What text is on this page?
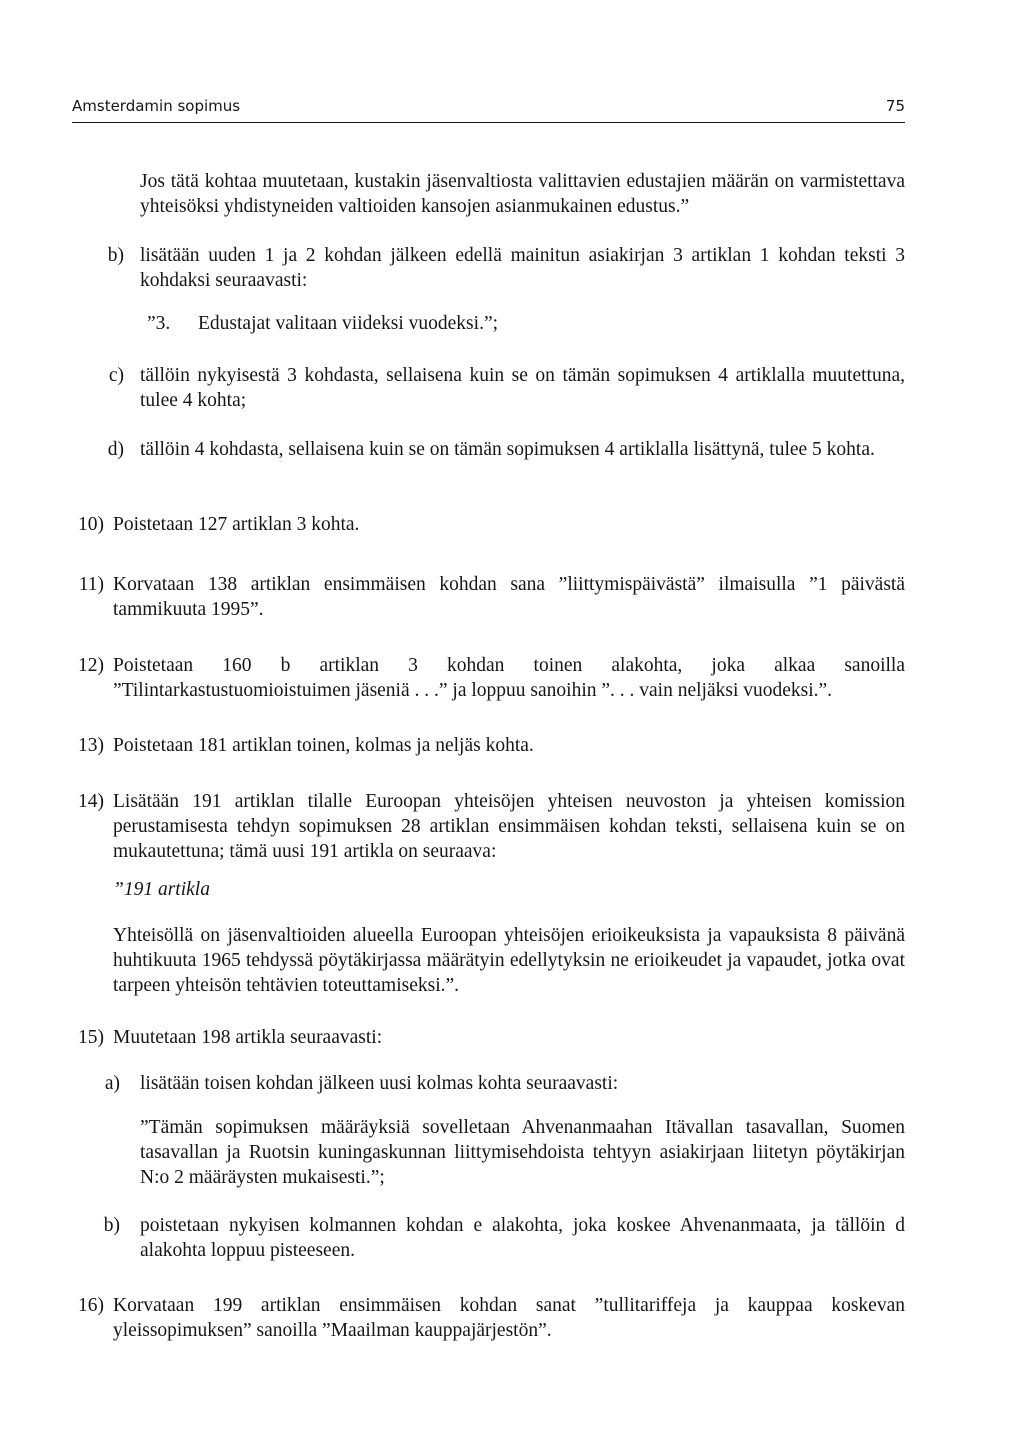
Amsterdamin sopimus	75
Jos tätä kohtaa muutetaan, kustakin jäsenvaltiosta valittavien edustajien määrän on varmistettava yhteisöksi yhdistyneiden valtioiden kansojen asianmukainen edustus.”
b) lisätään uuden 1 ja 2 kohdan jälkeen edellä mainitun asiakirjan 3 artiklan 1 kohdan teksti 3 kohdaksi seuraavasti:
”3. Edustajat valitaan viideksi vuodeksi.”;
c) tällöin nykyisestä 3 kohdasta, sellaisena kuin se on tämän sopimuksen 4 artiklalla muutettuna, tulee 4 kohta;
d) tällöin 4 kohdasta, sellaisena kuin se on tämän sopimuksen 4 artiklalla lisättynä, tulee 5 kohta.
10) Poistetaan 127 artiklan 3 kohta.
11) Korvataan 138 artiklan ensimmäisen kohdan sana ”liittymispäivästä” ilmaisulla ”1 päivästä tammikuuta 1995”.
12) Poistetaan 160 b artiklan 3 kohdan toinen alakohta, joka alkaa sanoilla ”Tilintarkastustuomioistuimen jäseniä . . .” ja loppuu sanoihin ”. . . vain neljäksi vuodeksi.”.
13) Poistetaan 181 artiklan toinen, kolmas ja neljäs kohta.
14) Lisätään 191 artiklan tilalle Euroopan yhteisöjen yhteisen neuvoston ja yhteisen komission perustamisesta tehdyn sopimuksen 28 artiklan ensimmäisen kohdan teksti, sellaisena kuin se on mukautettuna; tämä uusi 191 artikla on seuraava:
”191 artikla
Yhteisöllä on jäsenvaltioiden alueella Euroopan yhteisöjen erioikeuksista ja vapauksista 8 päivänä huhtikuuta 1965 tehdyssä pöytäkirjassa määrätyin edellytyksin ne erioikeudet ja vapaudet, jotka ovat tarpeen yhteisön tehtävien toteuttamiseksi.”.
15) Muutetaan 198 artikla seuraavasti:
a) lisätään toisen kohdan jälkeen uusi kolmas kohta seuraavasti:
”Tämän sopimuksen määräyksiä sovelletaan Ahvenanmaahan Itävallan tasavallan, Suomen tasavallan ja Ruotsin kuningaskunnan liittymisehdoista tehtyyn asiakirjaan liitetyn pöytäkirjan N:o 2 määräysten mukaisesti.”;
b) poistetaan nykyisen kolmannen kohdan e alakohta, joka koskee Ahvenanmaata, ja tällöin d alakohta loppuu pisteeseen.
16) Korvataan 199 artiklan ensimmäisen kohdan sanat ”tullitariffeja ja kauppaa koskevan yleissopimuksen” sanoilla ”Maailman kauppajärjestön”.
